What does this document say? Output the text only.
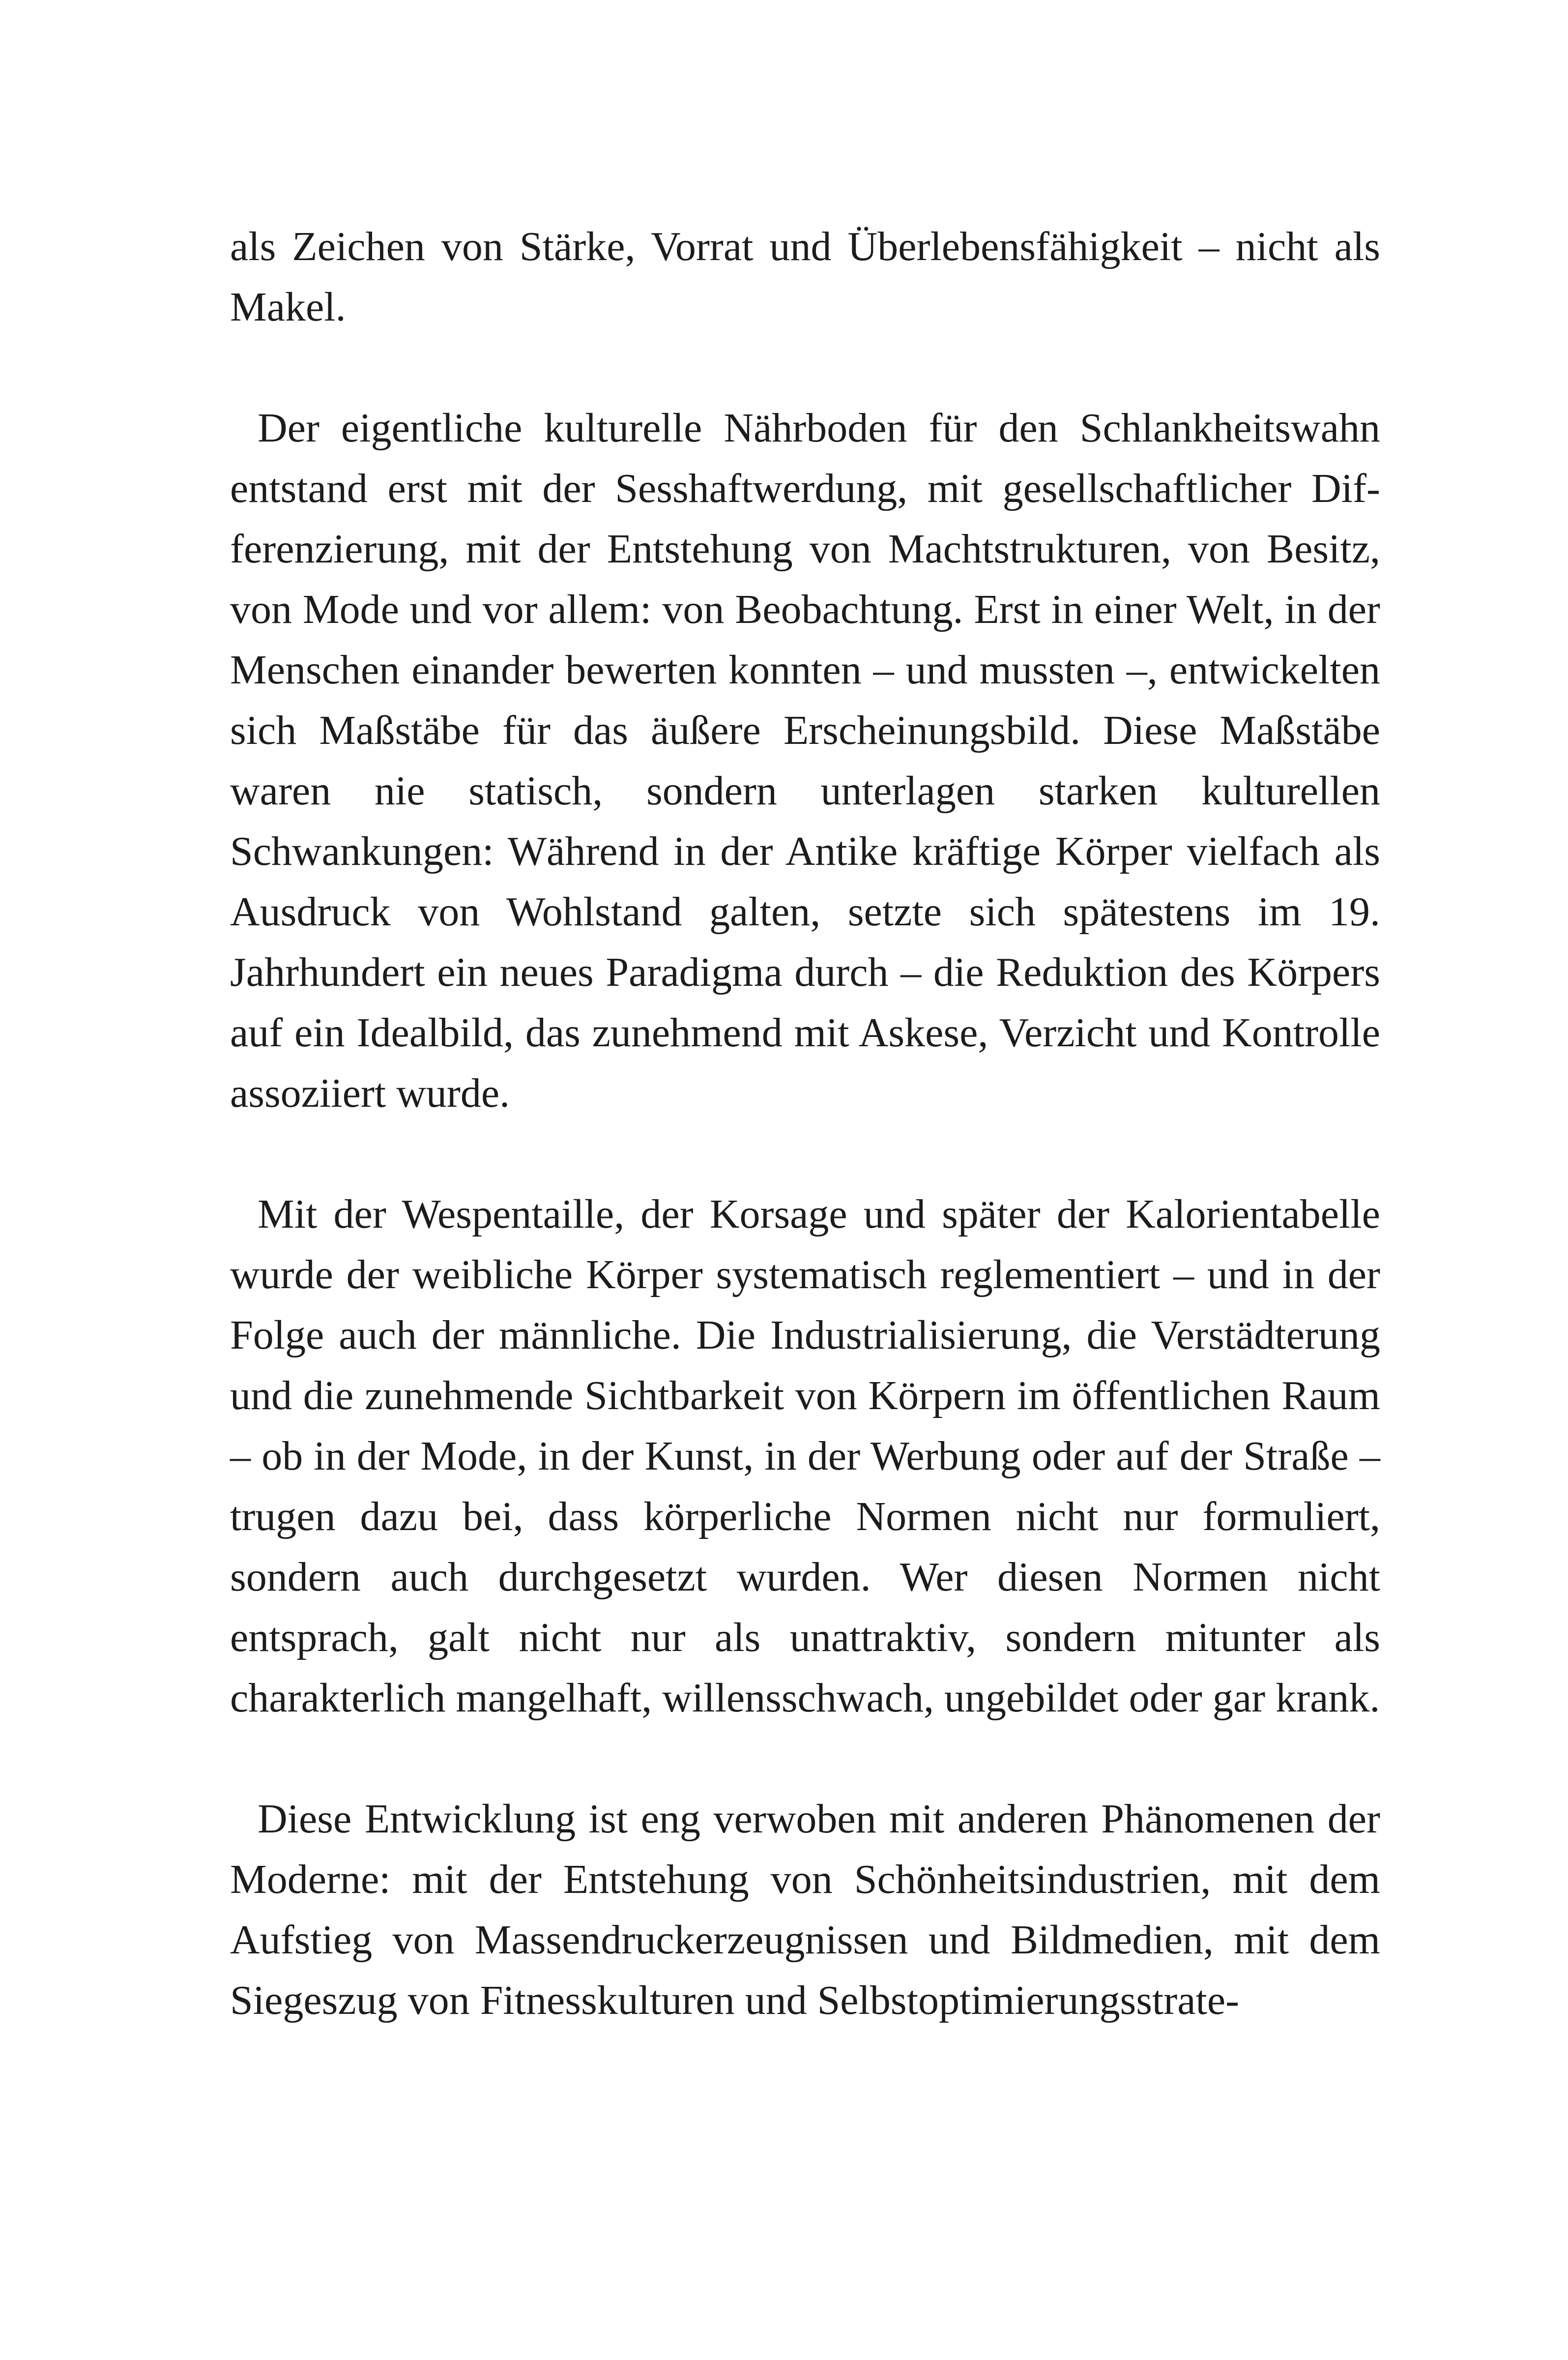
als Zeichen von Stärke, Vorrat und Überlebensfähigkeit – nicht als Makel.

Der eigentliche kulturelle Nährboden für den Schlankheitswahn entstand erst mit der Sesshaftwerdung, mit gesellschaftlicher Differenzierung, mit der Entstehung von Machtstrukturen, von Besitz, von Mode und vor allem: von Beobachtung. Erst in einer Welt, in der Menschen einander bewerten konnten – und mussten –, entwickelten sich Maßstäbe für das äußere Erscheinungsbild. Diese Maßstäbe waren nie statisch, sondern unterlagen starken kulturellen Schwankungen: Während in der Antike kräftige Körper vielfach als Ausdruck von Wohlstand galten, setzte sich spätestens im 19. Jahrhundert ein neues Paradigma durch – die Reduktion des Körpers auf ein Idealbild, das zunehmend mit Askese, Verzicht und Kontrolle assoziiert wurde.

Mit der Wespentaille, der Korsage und später der Kalorientabelle wurde der weibliche Körper systematisch reglementiert – und in der Folge auch der männliche. Die Industrialisierung, die Verstädterung und die zunehmende Sichtbarkeit von Körpern im öffentlichen Raum – ob in der Mode, in der Kunst, in der Werbung oder auf der Straße – trugen dazu bei, dass körperliche Normen nicht nur formuliert, sondern auch durchgesetzt wurden. Wer diesen Normen nicht entsprach, galt nicht nur als unattraktiv, sondern mitunter als charakterlich mangelhaft, willensschwach, ungebildet oder gar krank.

Diese Entwicklung ist eng verwoben mit anderen Phänomenen der Moderne: mit der Entstehung von Schönheitsindustrien, mit dem Aufstieg von Massendruckerzeugnissen und Bildmedien, mit dem Siegeszug von Fitnesskulturen und Selbstoptimierungsstrate-
